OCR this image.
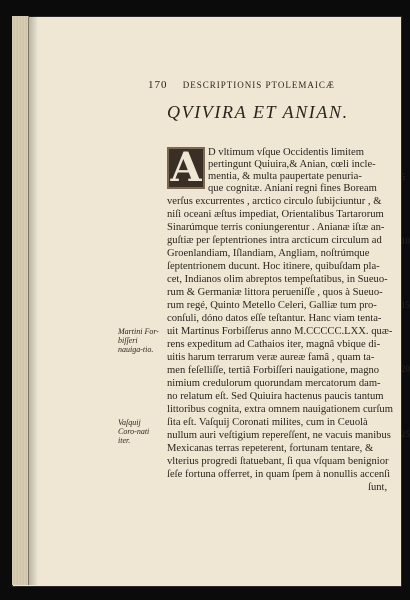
170 DESCRIPTIONIS PTOLEMAICÆ
QVIVIRA ET ANIAN.
A D vltimum vſque Occidentis limitem
pertingunt Quiuira,& Anian, cœli incle-
mentia, & multa paupertate penuria-
que cognitæ. Aniani regni fines Boream
verſus excurrentes , arctico circulo ſubijciuntur , &
niſi oceani æſtus impediat, Orientalibus Tartarorum
Sinarúmque terris coniungerentur . Anianæ iſtæ an-
guſtiæ per ſeptentriones intra arcticum circulum ad
Groenlandiam, Iſlandiam, Angliam, noſtrúmque
ſeptentrionem ducunt. Hoc itinere, quibuſdam pla-
cet, Indianos olim abreptos tempeſtatibus, in Sueuo-
rum & Germaniæ littora perueniſſe , quos à Sueuo-
rum regé, Quinto Metello Celeri, Galliæ tum pro-
conſuli, dóno datos eſſe teſtantur. Hanc viam tenta-
uit Martinus Forbiſſerus anno M.CCCCC.LXX. quæ-
rens expeditum ad Cathaios iter, magnâ vbique di-
uitis harum terrarum veræ aureæ famâ , quam ta-
men feſelliſſe, tertiâ Forbiſſeri nauigatione, magno
nimium credulorum quorundam mercatorum dam-
no relatum eſt. Sed Quiuira hactenus paucis tantum
littoribus cognita, extra omnem nauigationem curſum
ſita eſt. Vaſquij Coronati milites, cum in Ceuolà
nullum auri veſtigium repereſſent, ne vacuis manibus
Mexicanas terras repeterent, fortunam tentare, &
vlterius progredi ſtatuebant, ſi qua vſquam benignior
ſeſe fortuna offerret, in quam ſpem à nonullis accenſi
ſunt,
5
10
15
20
25
Martini For-biſſeri nauiga-tio.
Vaſquij Coro-nati iter.
